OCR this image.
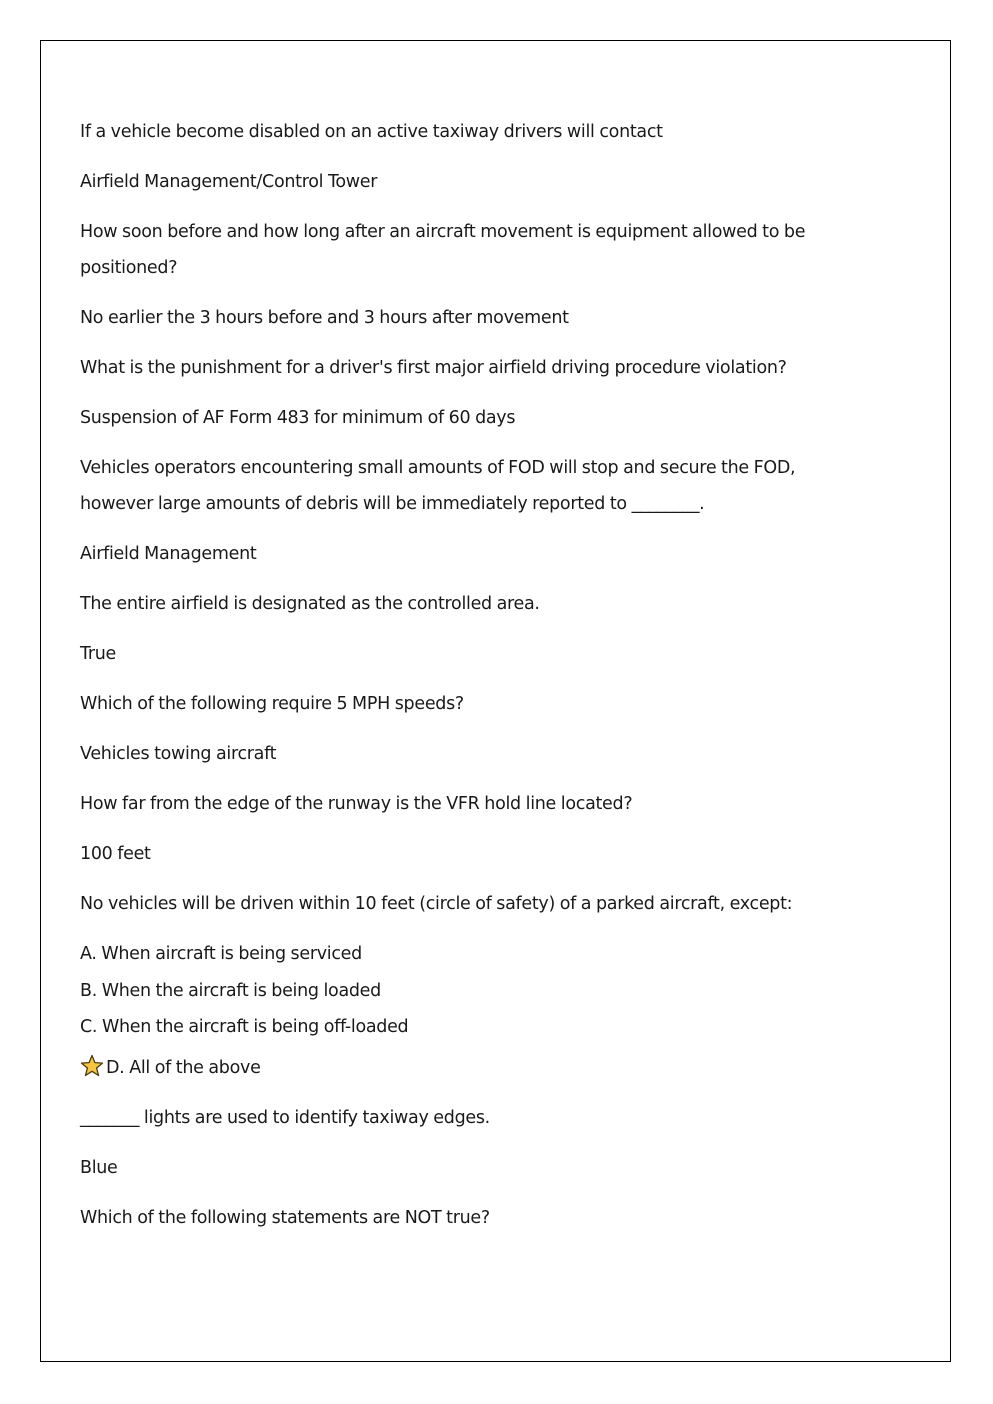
If a vehicle become disabled on an active taxiway drivers will contact

Airfield Management/Control Tower

How soon before and how long after an aircraft movement is equipment allowed to be positioned?

No earlier the 3 hours before and 3 hours after movement

What is the punishment for a driver's first major airfield driving procedure violation?

Suspension of AF Form 483 for minimum of 60 days

Vehicles operators encountering small amounts of FOD will stop and secure the FOD, however large amounts of debris will be immediately reported to ________.

Airfield Management

The entire airfield is designated as the controlled area.

True

Which of the following require 5 MPH speeds?

Vehicles towing aircraft

How far from the edge of the runway is the VFR hold line located?

100 feet

No vehicles will be driven within 10 feet (circle of safety) of a parked aircraft, except:

A. When aircraft is being serviced

B. When the aircraft is being loaded

C. When the aircraft is being off-loaded

D. All of the above

_______ lights are used to identify taxiway edges.

Blue

Which of the following statements are NOT true?
